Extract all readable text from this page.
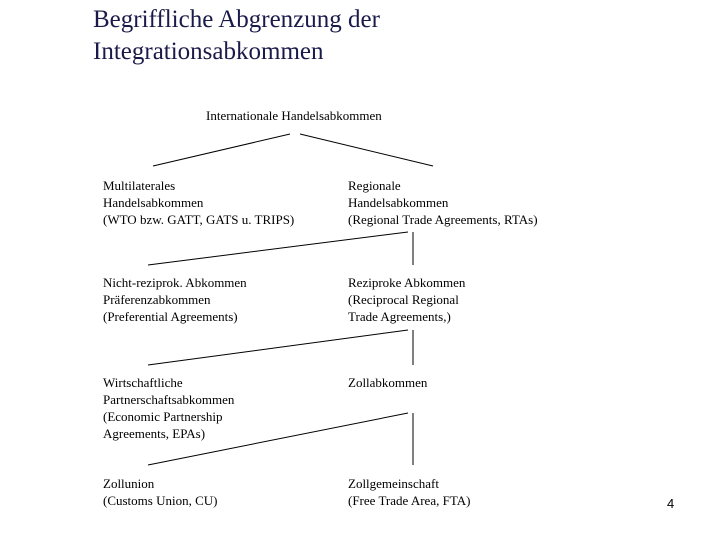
Begriffliche Abgrenzung der
Integrationsabkommen
Internationale Handelsabkommen
Multilaterales
Handelsabkommen
(WTO bzw. GATT, GATS u. TRIPS)
Regionale
Handelsabkommen
(Regional Trade Agreements, RTAs)
Nicht-reziprok. Abkommen
Präferenzabkommen
(Preferential Agreements)
Reziproke Abkommen
(Reciprocal Regional
Trade Agreements,)
Wirtschaftliche
Partnerschaftsabkommen
(Economic Partnership
Agreements, EPAs)
Zollabkommen
Zollunion
(Customs Union, CU)
Zollgemeinschaft
(Free Trade Area, FTA)	4
